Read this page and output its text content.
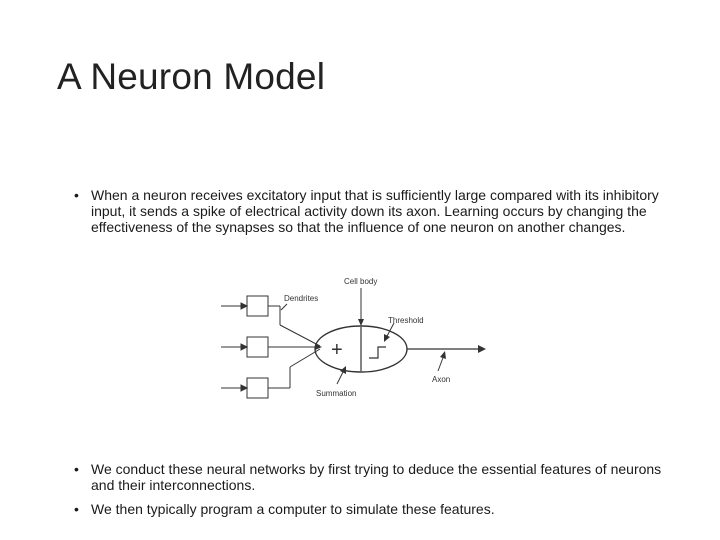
A Neuron Model
• When a neuron receives excitatory input that is sufficiently large compared with its inhibitory input, it sends a spike of electrical activity down its axon. Learning occurs by changing the effectiveness of the synapses so that the influence of one neuron on another changes.
+
Cell body
Dendrites
Threshold
Summation
Axon
• We conduct these neural networks by first trying to deduce the essential features of neurons and their interconnections.
• We then typically program a computer to simulate these features.
